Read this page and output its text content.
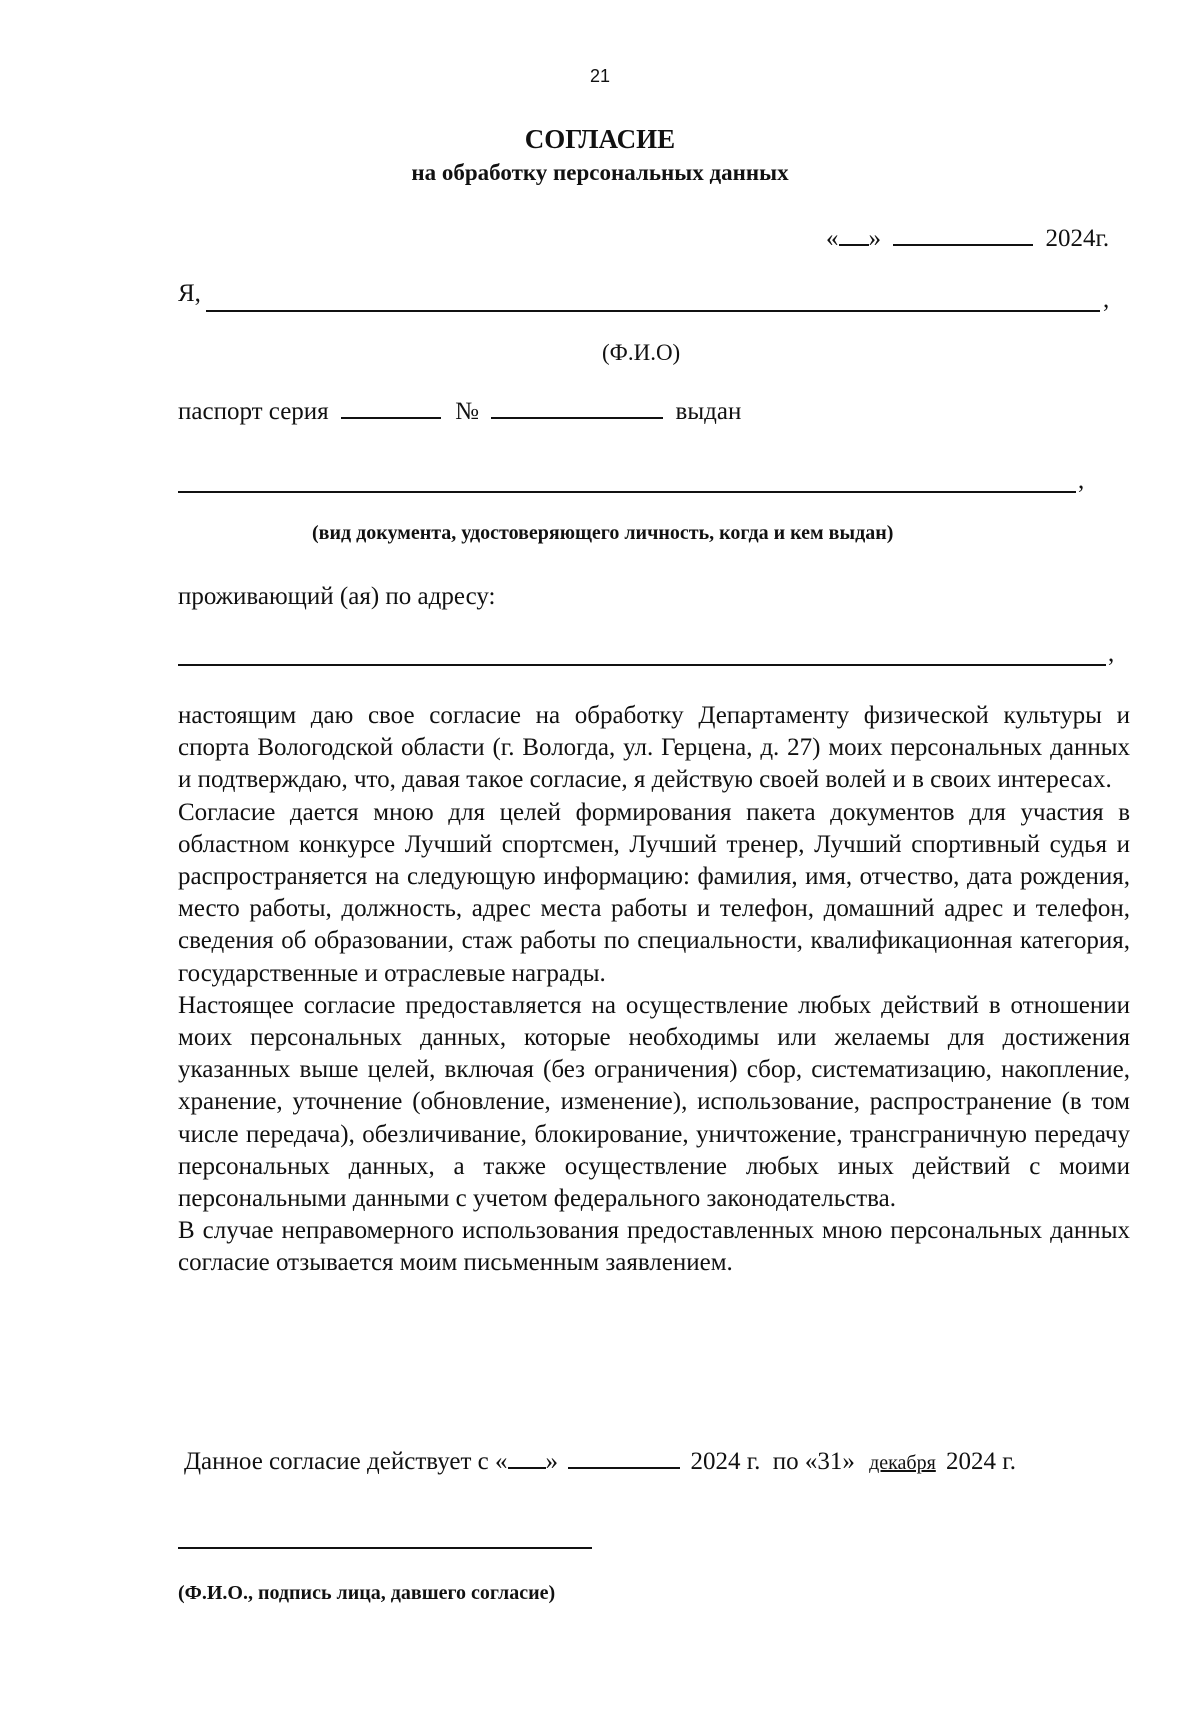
21
СОГЛАСИЕ
на обработку персональных данных
« »	2024г.
Я,	,
(Ф.И.О)
паспорт серия	№	выдан
,
(вид документа, удостоверяющего личность, когда и кем выдан)
проживающий (ая) по адресу:
,

настоящим даю свое согласие на обработку Департаменту физической культуры и спорта Вологодской области (г. Вологда, ул. Герцена, д. 27) моих персональных данных и подтверждаю, что, давая такое согласие, я действую своей волей и в своих интересах.

Согласие дается мною для целей формирования пакета документов для участия в областном конкурсе Лучший спортсмен, Лучший тренер, Лучший спортивный судья и распространяется на следующую информацию: фамилия, имя, отчество, дата рождения, место работы, должность, адрес места работы и телефон, домашний адрес и телефон, сведения об образовании, стаж работы по специальности, квалификационная категория, государственные и отраслевые награды.

Настоящее согласие предоставляется на осуществление любых действий в отношении моих персональных данных, которые необходимы или желаемы для достижения указанных выше целей, включая (без ограничения) сбор, систематизацию, накопление, хранение, уточнение (обновление, изменение), использование, распространение (в том числе передача), обезличивание, блокирование, уничтожение, трансграничную передачу персональных данных, а также осуществление любых иных действий с моими персональными данными с учетом федерального законодательства.

В случае неправомерного использования предоставленных мною персональных данных согласие отзывается моим письменным заявлением.

Данное согласие действует с « »	2024 г. по «31» декабря 2024 г.
(Ф.И.О., подпись лица, давшего согласие)
